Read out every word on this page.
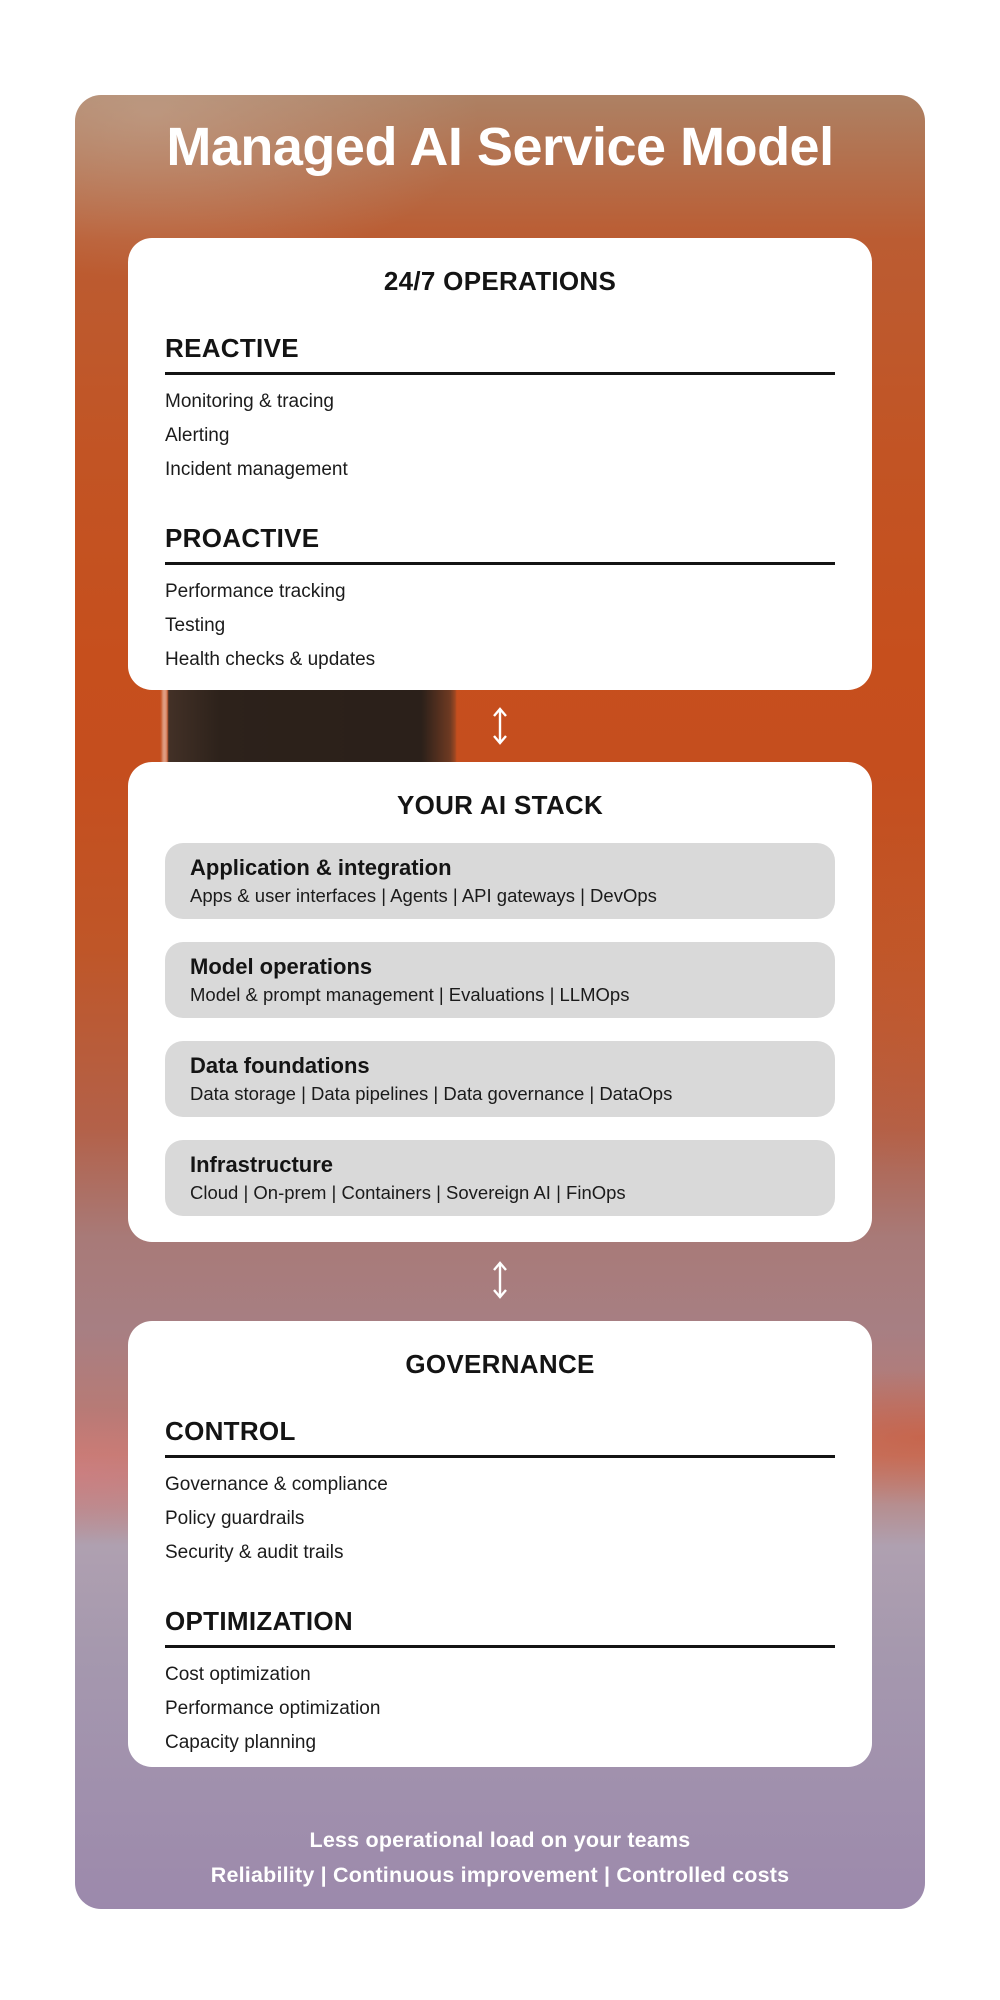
Managed AI Service Model
24/7 OPERATIONS
REACTIVE
Monitoring & tracing
Alerting
Incident management
PROACTIVE
Performance tracking
Testing
Health checks & updates
YOUR AI STACK
Application & integration
Apps & user interfaces | Agents | API gateways | DevOps
Model operations
Model & prompt management | Evaluations | LLMOps
Data foundations
Data storage | Data pipelines | Data governance | DataOps
Infrastructure
Cloud | On-prem | Containers | Sovereign AI | FinOps
GOVERNANCE
CONTROL
Governance & compliance
Policy guardrails
Security & audit trails
OPTIMIZATION
Cost optimization
Performance optimization
Capacity planning
Less operational load on your teams
Reliability | Continuous improvement | Controlled costs
